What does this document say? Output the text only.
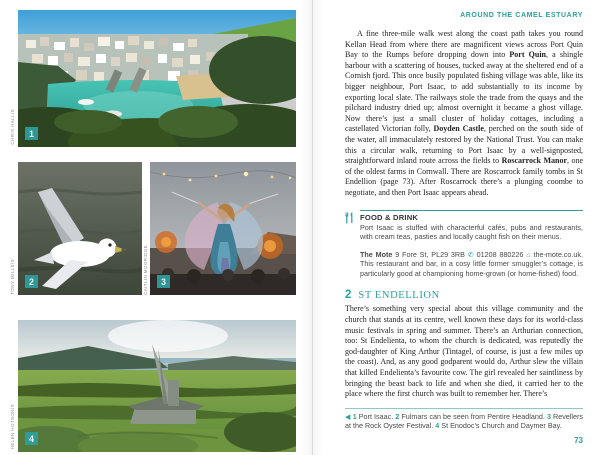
1
CHRIS HALL/S
2
TONY MILLS/S	3
CAITLIN MOGRIDGE
4
HELEN HOTSON/S
AROUND THE CAMEL ESTUARY

A fine three-mile walk west along the coast path takes you round Kellan Head from where there are magnificent views across Port Quin Bay to the Rumps before dropping down into Port Quin, a shingle harbour with a scattering of houses, tucked away at the sheltered end of a Cornish fjord. This once busily populated fishing village was able, like its bigger neighbour, Port Isaac, to add substantially to its income by exporting local slate. The railways stole the trade from the quays and the pilchard industry dried up; almost overnight it became a ghost village. Now there’s just a small cluster of holiday cottages, including a castellated Victorian folly, Doyden Castle, perched on the south side of the water, all immaculately restored by the National Trust. You can make this a circular walk, returning to Port Isaac by a well-signposted, straightforward inland route across the fields to Roscarrock Manor, one of the oldest farms in Cornwall. There are Roscarrock family tombs in St Endellion (page 73). After Roscarrock there’s a plunging coombe to negotiate, and then Port Isaac appears ahead.

FOOD & DRINK
Port Isaac is stuffed with characterful cafés, pubs and restaurants, with cream teas, pasties and locally caught fish on their menus.

The Mote 9 Fore St, PL29 3RB ✆ 01208 880226 ⌂ the-mote.co.uk. This restaurant and bar, in a cosy little former smuggler’s cottage, is particularly good at championing home-grown (or home-fished) food.

2 ST ENDELLION

There’s something very special about this village community and the church that stands at its centre, well known these days for its world-class music festivals in spring and summer. There’s an Arthurian connection, too: St Endelienta, to whom the church is dedicated, was reputedly the god-daughter of King Arthur (Tintagel, of course, is just a few miles up the coast). And, as any good godparent would do, Arthur slew the villain that killed Endelienta’s favourite cow. The girl revealed her saintliness by bringing the beast back to life and when she died, it carried her to the place where the first church was built to remember her. There’s

◀ 1 Port Isaac. 2 Fulmars can be seen from Pentire Headland. 3 Revellers at the Rock Oyster Festival. 4 St Enodoc’s Church and Daymer Bay.
73
